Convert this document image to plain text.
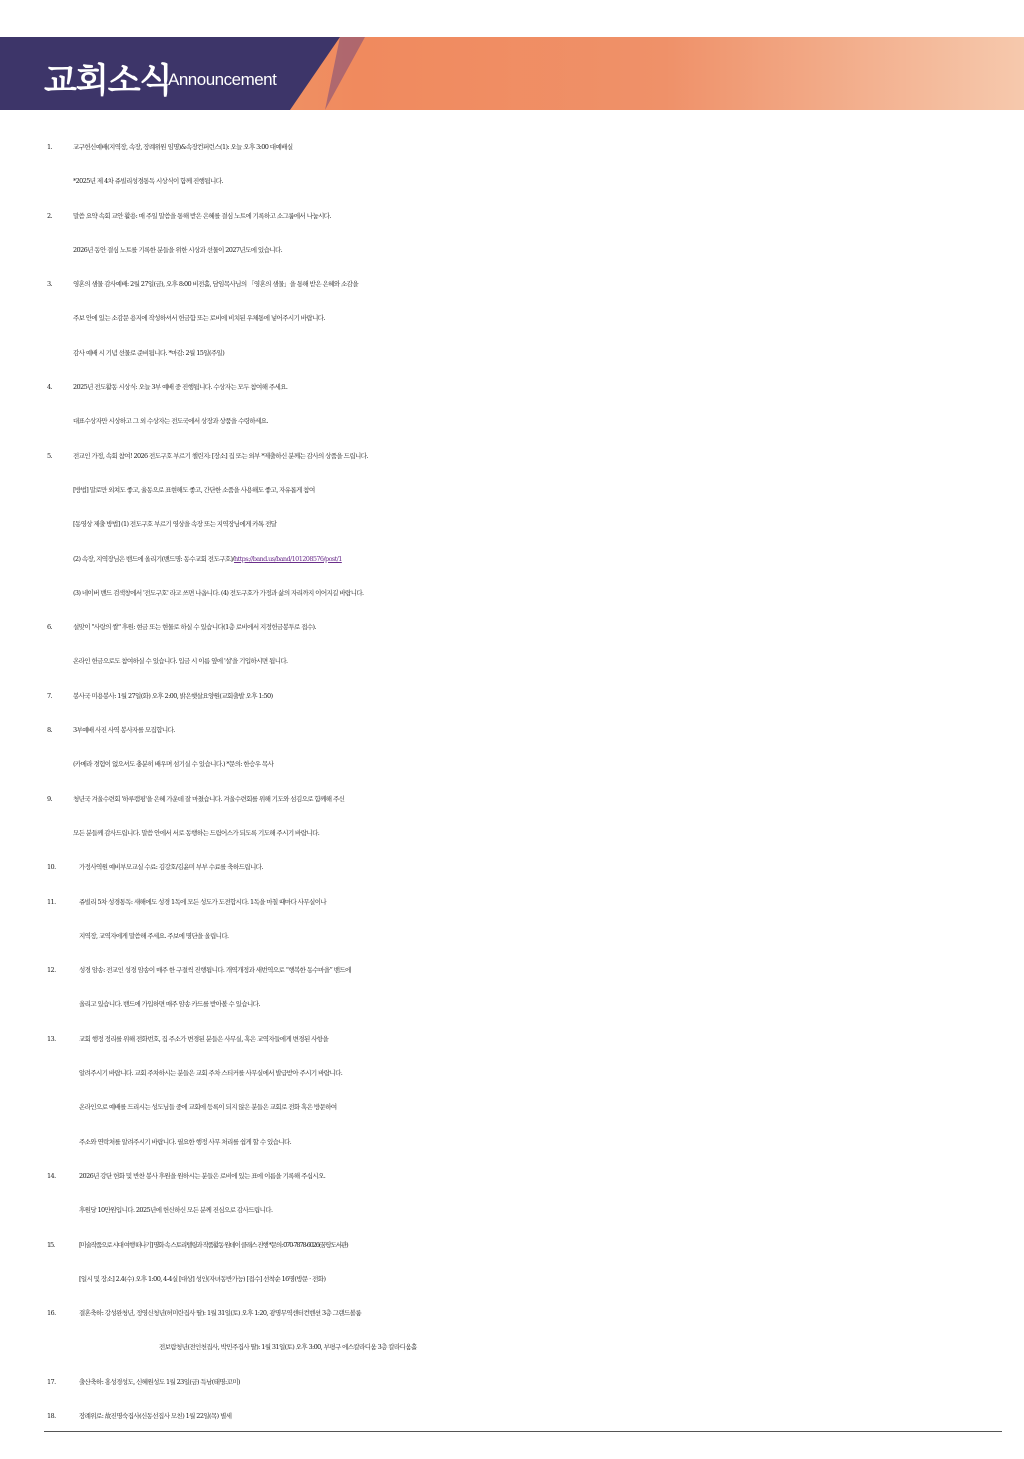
교회소식
Announcement
1.	교구헌신예배(지역장, 속장, 장례위원 임명)&속장컨퍼런스(1): 오늘 오후 3:00 대예배실
*2025년 제 4차 쥬빌리성경통독 시상식이 함께 진행됩니다.
2.	말씀 요약 속회 교안 활용: 매 주일 말씀을 통해 받은 은혜를 결심 노트에 기록하고 소그룹에서 나눕시다.
2026년 동안 결심 노트를 기록한 분들을 위한 시상과 선물이 2027년도에 있습니다.
3.	영혼의 샘물 감사예배: 2월 27일(금), 오후 8:00 비전홀, 담임목사님의 「영혼의 샘물」을 통해 받은 은혜와 소감을
주보 안에 있는 소감문 용지에 작성하셔서 헌금함 또는 로비에 비치된 우체통에 넣어주시기 바랍니다.
감사 예배 시 기념 선물로 준비됩니다. *마감: 2월 15일(주일)
4.	2025년 전도활동 시상식: 오늘 3부 예배 중 진행됩니다. 수상자는 모두 참여해 주세요.
대표수상자만 시상하고 그 외 수상자는 전도국에서 상장과 상품을 수령하세요.
5.	전교인 가정, 속회 참여! 2026 전도구호 부르기 챌린지: [장소] 집 또는 외부 *제출하신 분께는 감사의 상품을 드립니다.
[방법] 말로만 외쳐도 좋고, 율동으로 표현해도 좋고, 간단한 소품을 사용해도 좋고, 자유롭게 참여
[동영상 제출 방법] (1) 전도구호 부르기 영상을 속장 또는 지역장님에게 카톡 전달
(2) 속장, 지역장님은 밴드에 올리기(밴드명: 동수교회 전도구호)/https://band.us/band/101208576/post/1
(3) 네이버 밴드 검색창에서 '전도구호' 라고 쓰면 나옵니다. (4) 전도구호가 가정과 삶의 자리까지 이어지길 바랍니다.
6.	설맞이 "사랑의 쌀" 후원: 현금 또는 현물로 하실 수 있습니다(1층 로비에서 지정헌금봉투로 접수).
온라인 헌금으로도 참여하실 수 있습니다. 입금 시 이름 옆에 '설'을 기입하시면 됩니다.
7.	봉사국 미용봉사: 1월 27일(화) 오후 2:00, 밝은햇살요양원(교회출발 오후 1:50)
8.	3부예배 사진 사역 봉사자를 모집합니다.
(카메라 경험이 없으셔도 충분히 배우며 섬기실 수 있습니다.) *문의: 한승우 목사
9.	청년국 겨울수련회 '하루캠핑'을 은혜 가운데 잘 마쳤습니다. 겨울수련회를 위해 기도와 섬김으로 함께해 주신
모든 분들께 감사드립니다. 말씀 안에서 서로 동행하는 드림어스가 되도록 기도해 주시기 바랍니다.
10.	가정사역원 예비부모교실 수료: 김강호/김윤미 부부 수료를 축하드립니다.
11.	쥬빌리 5차 성경통독: 새해에도 성경 1독에 모든 성도가 도전합시다. 1독을 마칠 때마다 사무실이나
지역장, 교역자에게 말씀해 주세요. 주보에 명단을 올립니다.
12.	성경 암송: 전교인 성경 암송이 매주 한 구절씩 진행됩니다. 개역개정과 새번역으로 “행복한 동수마을” 밴드에
올리고 있습니다. 밴드에 가입하면 매주 암송 카드를 받아볼 수 있습니다.
13.	교회 행정 정리를 위해 전화번호, 집 주소가 변경된 분들은 사무실, 혹은 교역자들에게 변경된 사항을
알려주시기 바랍니다. 교회 주차하시는 분들은 교회 주차 스티커를 사무실에서 발급받아 주시기 바랍니다.
온라인으로 예배를 드리시는 성도님들 중에 교회에 등록이 되지 않은 분들은 교회로 전화 혹은 방문하여
주소와 연락처를 알려주시기 바랍니다. 필요한 행정 사무 처리를 쉽게 할 수 있습니다.
14.	2026년 강단 헌화 및 반찬 봉사 후원을 원하시는 분들은 로비에 있는 표에 이름을 기록해 주십시오.
후원당 10만원입니다. 2025년에 헌신하신 모든 분께 진심으로 감사드립니다.
15.	[미술작품으로 시대 여행 떠나기] 명화 속 스토리텔링과 작품활동 원데이 클래스 진행 *문의: 070-7878-6026(꿈땅도서관)
[일시 및 장소] 2.4(수) 오후 1:00, 4-4실 [대상] 성인(자녀동반가능) [접수] 선착순 16명(방문 · 전화)
16.	결혼축하: 강성완청년, 정영신청년(허미란집사 딸): 1월 31일(토) 오후 1:20, 광명무역센터컨벤션 3층 그랜드볼룸
전보람청년(전인천집사, 박민주집사 딸): 1월 31일(토) 오후 3:00, 부평구 에스칼라디움 3층 칼라디움홀
17.	출산축하: 홍성경성도, 신혜원성도 1월 23일(금) 득남(태명:꼬미)
18.	장례위로: 故진명숙집사(신동선집사 모친) 1월 22일(목) 별세
